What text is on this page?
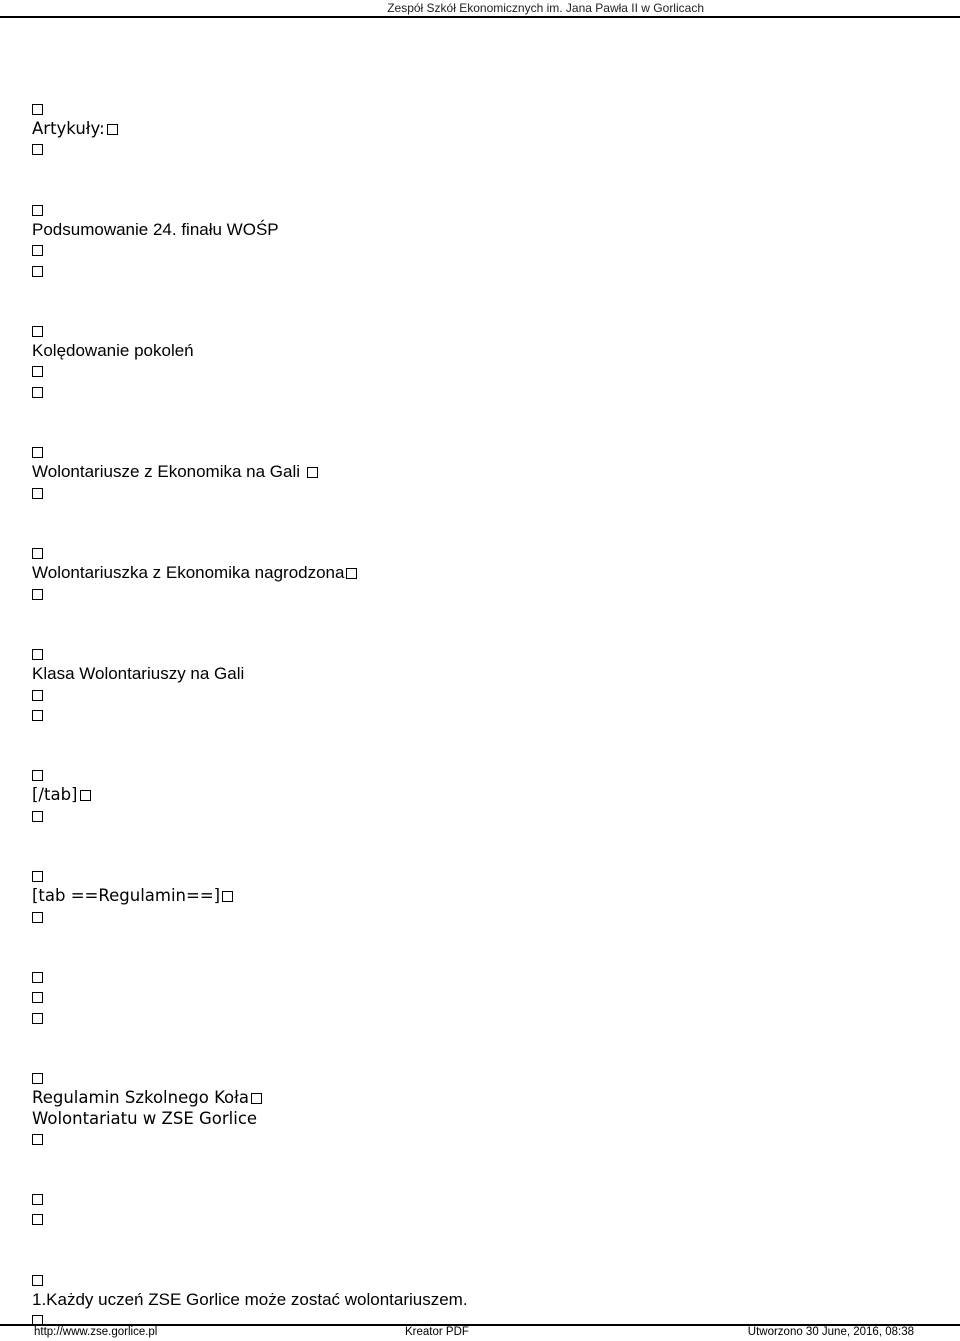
Zespół Szkół Ekonomicznych im. Jana Pawła II w Gorlicach
Artykuły:
Podsumowanie 24. finału WOŚP
Kolędowanie pokoleń
Wolontariusze z Ekonomika na Gali
Wolontariuszka z Ekonomika nagrodzona
Klasa Wolontariuszy na Gali
[/tab]
[tab ==Regulamin==]
Regulamin Szkolnego Koła
Wolontariatu w ZSE Gorlice
1.Każdy uczeń ZSE Gorlice może zostać wolontariuszem.
http://www.zse.gorlice.pl	Kreator PDF	Utworzono 30 June, 2016, 08:38
